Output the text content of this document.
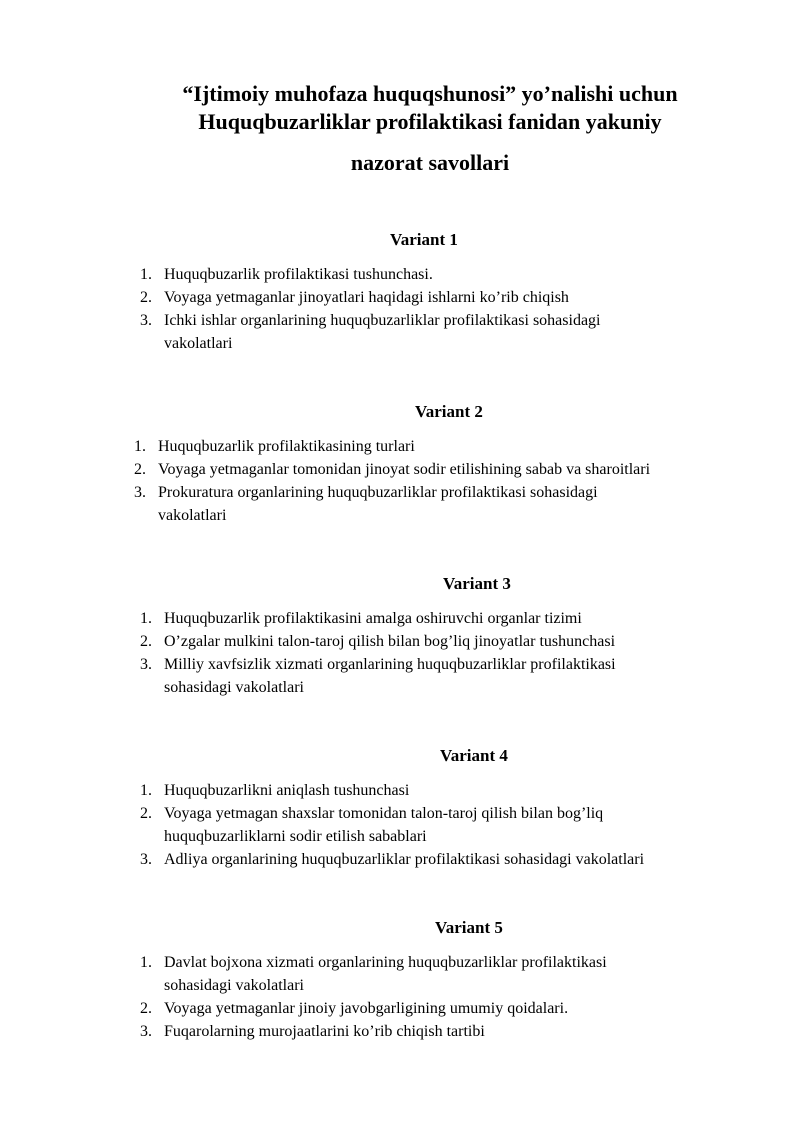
“Ijtimoiy muhofaza huquqshunosi” yo’nalishi uchun
Huquqbuzarliklar profilaktikasi fanidan yakuniy
nazorat savollari
Variant 1
1. Huquqbuzarlik profilaktikasi tushunchasi.
2. Voyaga yetmaganlar jinoyatlari haqidagi ishlarni ko’rib chiqish
3. Ichki ishlar organlarining huquqbuzarliklar profilaktikasi sohasidagi
vakolatlari
Variant 2
1. Huquqbuzarlik profilaktikasining turlari
2. Voyaga yetmaganlar tomonidan jinoyat sodir etilishining sabab va sharoitlari
3. Prokuratura organlarining huquqbuzarliklar profilaktikasi sohasidagi
vakolatlari
Variant 3
1. Huquqbuzarlik profilaktikasini amalga oshiruvchi organlar tizimi
2. O’zgalar mulkini talon-taroj qilish bilan bog’liq jinoyatlar tushunchasi
3. Milliy xavfsizlik xizmati organlarining huquqbuzarliklar profilaktikasi
sohasidagi vakolatlari
Variant 4
1. Huquqbuzarlikni aniqlash tushunchasi
2. Voyaga yetmagan shaxslar tomonidan talon-taroj qilish bilan bog’liq
huquqbuzarliklarni sodir etilish sabablari
3. Adliya organlarining huquqbuzarliklar profilaktikasi sohasidagi vakolatlari
Variant 5
1. Davlat bojxona xizmati organlarining huquqbuzarliklar profilaktikasi
sohasidagi vakolatlari
2. Voyaga yetmaganlar jinoiy javobgarligining umumiy qoidalari.
3. Fuqarolarning murojaatlarini ko’rib chiqish tartibi
